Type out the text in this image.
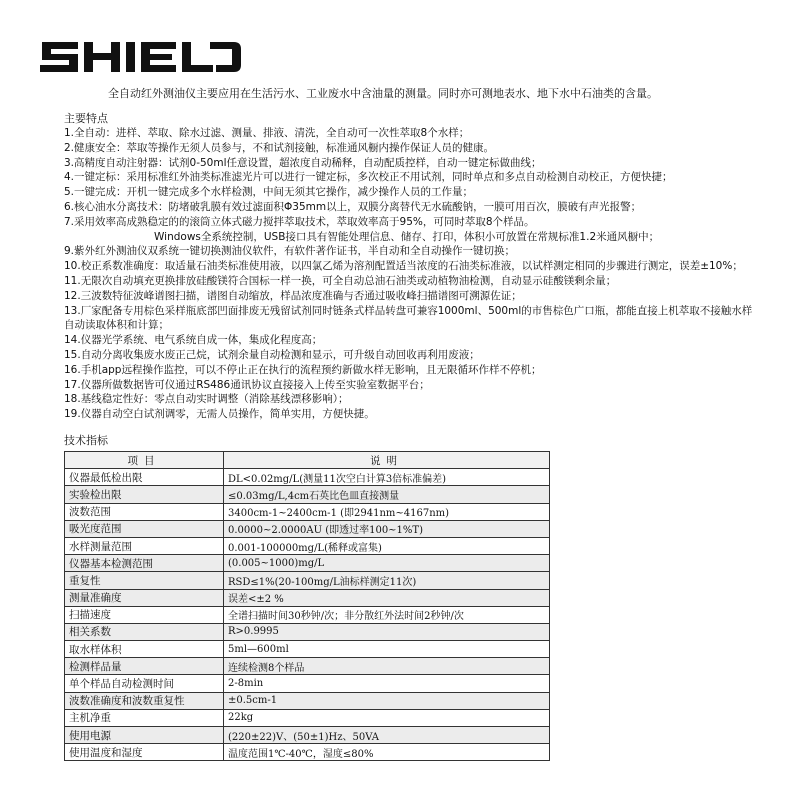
全自动红外测油仪主要应用在生活污水、工业废水中含油量的测量。同时亦可测地表水、地下水中石油类的含量。
主要特点
1.全自动：进样、萃取、除水过滤、测量、排液、清洗，全自动可一次性萃取8个水样；
2.健康安全：萃取等操作无须人员参与，不和试剂接触，标准通风橱内操作保证人员的健康。
3.高精度自动注射器：试剂0-50ml任意设置，超浓度自动稀释，自动配质控样，自动一键定标做曲线；
4.一键定标：采用标准红外油类标准滤光片可以进行一键定标，多次校正不用试剂，同时单点和多点自动检测自动校正，方便快捷；
5.一键完成：开机一键完成多个水样检测，中间无须其它操作，减少操作人员的工作量；
6.核心油水分离技术：防堵破乳膜有效过滤面积Φ35mm以上，双膜分离替代无水硫酸钠，一膜可用百次，膜破有声光报警；
7.采用效率高成熟稳定的的滚筒立体式磁力搅拌萃取技术，萃取效率高于95%，可同时萃取8个样品。
Windows全系统控制，USB接口具有智能处理信息、储存、打印，体积小可放置在常规标准1.2米通风橱中；
9.紫外红外测油仪双系统一键切换测油仪软件，有软件著作证书，半自动和全自动操作一键切换；
10.校正系数准确度：取适量石油类标准使用液，以四氯乙烯为溶剂配置适当浓度的石油类标准液，以试样测定相同的步骤进行测定，误差±10%；
11.无限次自动填充更换排放硅酸镁符合国标一样一换，可全自动总油石油类或动植物油检测，自动显示硅酸镁剩余量；
12.三波数特征波峰谱图扫描，谱图自动缩放，样品浓度准确与否通过吸收峰扫描谱图可溯源佐证；
13.厂家配备专用棕色采样瓶底部凹面排废无残留试剂同时链条式样品转盘可兼容1000ml、500ml的市售棕色广口瓶，都能直接上机萃取不接触水样自动读取体积和计算；
14.仪器光学系统、电气系统自成一体，集成化程度高；
15.自动分离收集废水废正己烷，试剂余量自动检测和显示，可升级自动回收再利用废液；
16.手机app远程操作监控，可以不停止正在执行的流程预约新做水样无影响，且无限循环作样不停机；
17.仪器所做数据皆可仪通过RS486通讯协议直接接入上传至实验室数据平台；
18.基线稳定性好：零点自动实时调整（消除基线漂移影响）；
19.仪器自动空白试剂调零，无需人员操作，简单实用，方便快捷。
技术指标
项目	说明
仪器最低检出限	DL<0.02mg/L(测量11次空白计算3倍标准偏差)
实验检出限	≤0.03mg/L,4cm石英比色皿直接测量
波数范围	3400cm-1~2400cm-1 (即2941nm~4167nm)
吸光度范围	0.0000~2.0000AU (即透过率100~1%T)
水样测量范围	0.001-100000mg/L(稀释或富集)
仪器基本检测范围	(0.005~1000)mg/L
重复性	RSD≤1%(20-100mg/L油标样测定11次)
测量准确度	误差<±2 %
扫描速度	全谱扫描时间30秒钟/次；非分散红外法时间2秒钟/次
相关系数	R>0.9995
取水样体积	5ml—600ml
检测样品量	连续检测8个样品
单个样品自动检测时间	2-8min
波数准确度和波数重复性	±0.5cm-1
主机净重	22kg
使用电源	(220±22)V、(50±1)Hz、50VA
使用温度和湿度	温度范围1℃-40℃，湿度≤80%
